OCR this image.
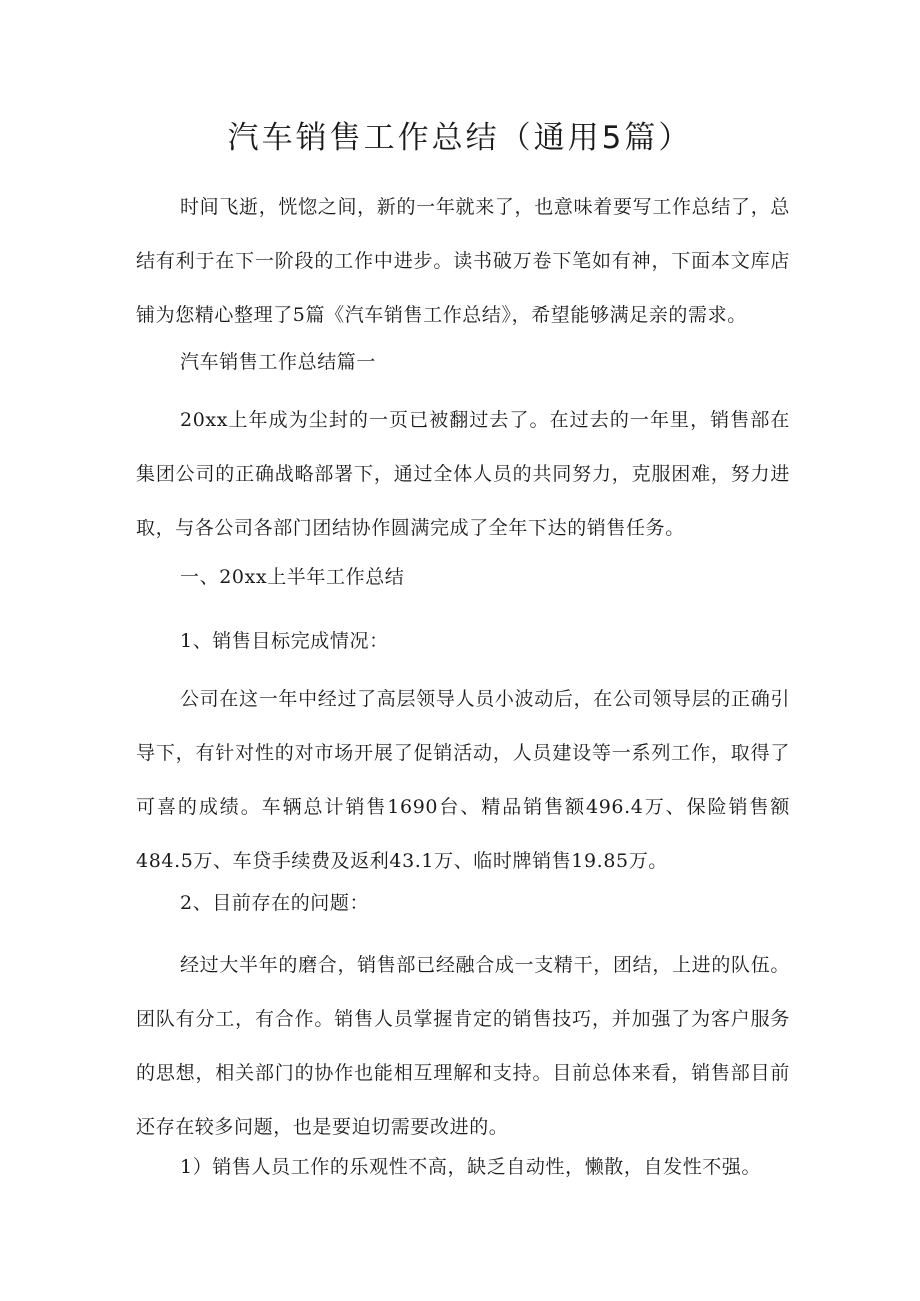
汽车销售工作总结（通用5篇）

时间飞逝，恍惚之间，新的一年就来了，也意味着要写工作总结了，总结有利于在下一阶段的工作中进步。读书破万卷下笔如有神，下面本文库店铺为您精心整理了5篇《汽车销售工作总结》，希望能够满足亲的需求。

汽车销售工作总结篇一

20xx上年成为尘封的一页已被翻过去了。在过去的一年里，销售部在集团公司的正确战略部署下，通过全体人员的共同努力，克服困难，努力进取，与各公司各部门团结协作圆满完成了全年下达的销售任务。

一、20xx上半年工作总结

1、销售目标完成情况：

公司在这一年中经过了高层领导人员小波动后，在公司领导层的正确引导下，有针对性的对市场开展了促销活动，人员建设等一系列工作，取得了可喜的成绩。车辆总计销售1690台、精品销售额496.4万、保险销售额484.5万、车贷手续费及返利43.1万、临时牌销售19.85万。

2、目前存在的问题：

经过大半年的磨合，销售部已经融合成一支精干，团结，上进的队伍。团队有分工，有合作。销售人员掌握肯定的销售技巧，并加强了为客户服务的思想，相关部门的协作也能相互理解和支持。目前总体来看，销售部目前还存在较多问题，也是要迫切需要改进的。

1）销售人员工作的乐观性不高，缺乏自动性，懒散，自发性不强。
